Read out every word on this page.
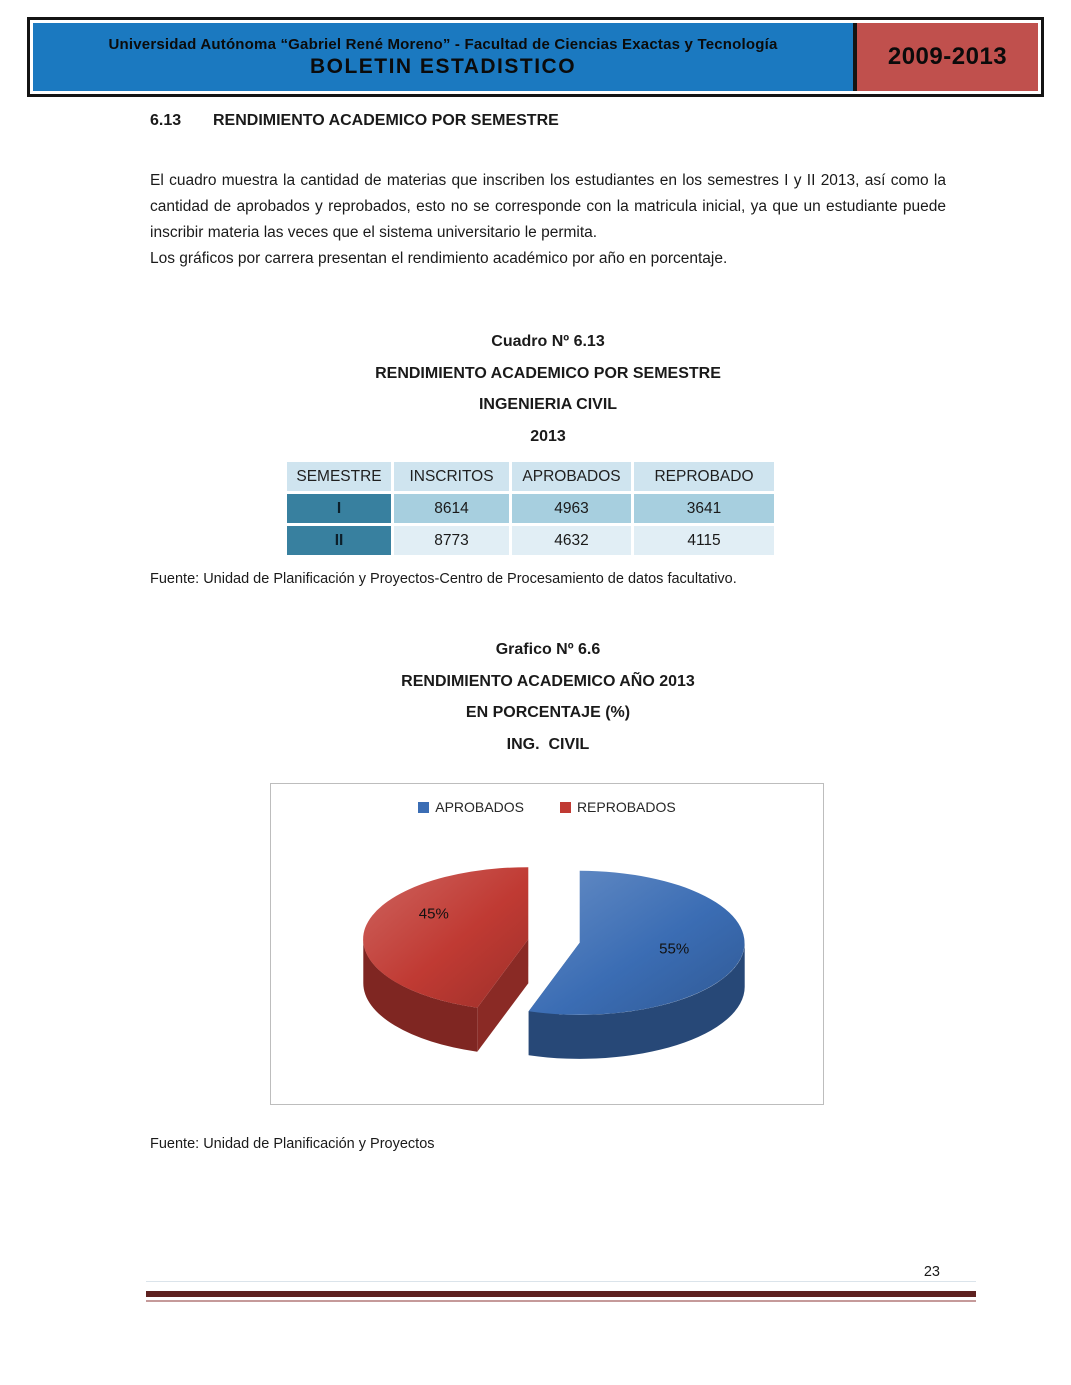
Universidad Autónoma “Gabriel René Moreno” - Facultad de Ciencias Exactas y Tecnología
BOLETIN ESTADISTICO	2009-2013
6.13 RENDIMIENTO ACADEMICO POR SEMESTRE

El cuadro muestra la cantidad de materias que inscriben los estudiantes en los semestres I y II 2013, así como la cantidad de aprobados y reprobados, esto no se corresponde con la matricula inicial, ya que un estudiante puede inscribir materia las veces que el sistema universitario le permita.

Los gráficos por carrera presentan el rendimiento académico por año en porcentaje.

Cuadro Nº 6.13
RENDIMIENTO ACADEMICO POR SEMESTRE
INGENIERIA CIVIL
2013
SEMESTRE	INSCRITOS	APROBADOS	REPROBADO
I	8614	4963	3641
II	8773	4632	4115
Fuente: Unidad de Planificación y Proyectos-Centro de Procesamiento de datos facultativo.
Grafico Nº 6.6
RENDIMIENTO ACADEMICO AÑO 2013
EN PORCENTAJE (%)
ING.  CIVIL
45%
55%
APROBADOS	REPROBADOS
Fuente: Unidad de Planificación y Proyectos
23
